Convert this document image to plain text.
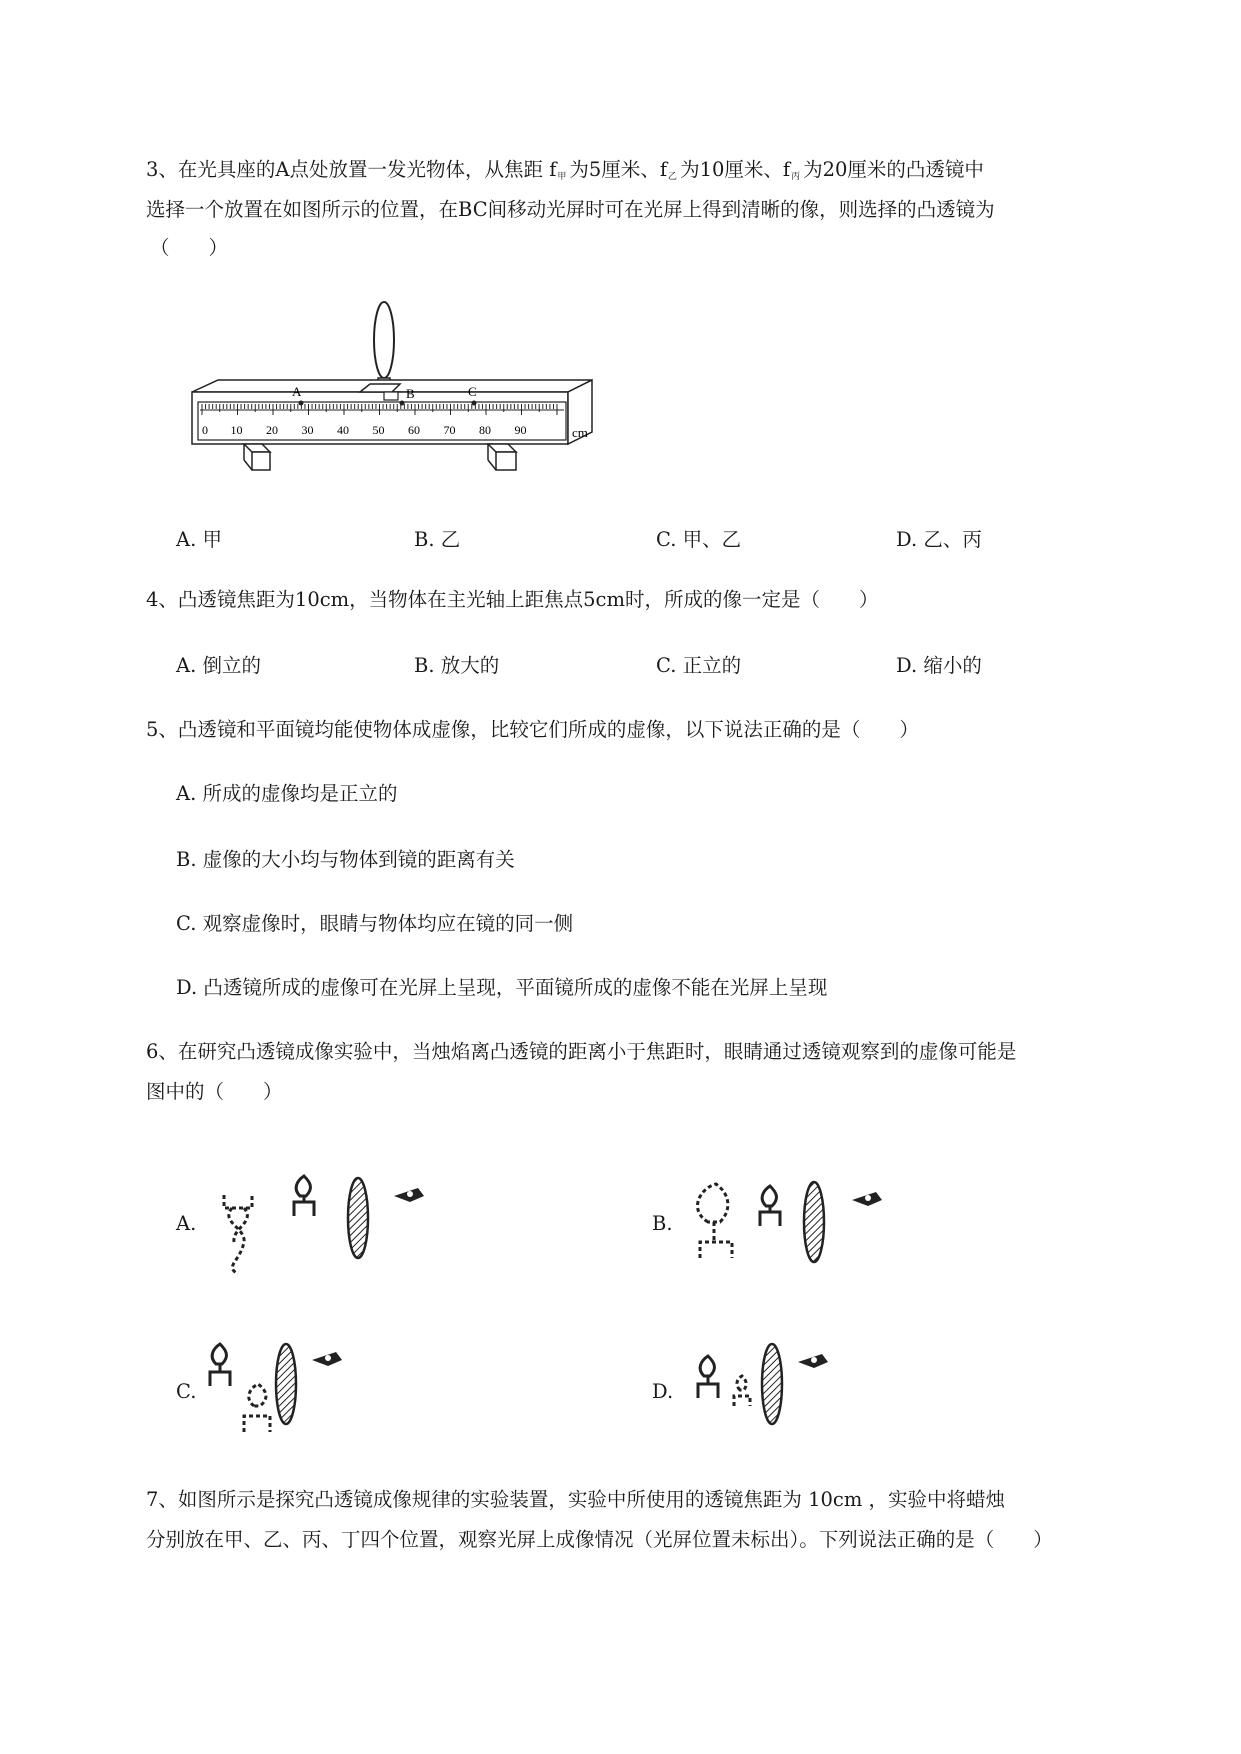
3、在光具座的A点处放置一发光物体，从焦距 $f_甲$ 为5厘米、$f_乙$ 为10厘米、$f_丙$ 为20厘米的凸透镜中
选择一个放置在如图所示的位置，在BC间移动光屏时可在光屏上得到清晰的像，则选择的凸透镜为
（　　）
0 10 20 30 40 50 60 70 80 90	cm
A	B	C
A. 甲	B. 乙	C. 甲、乙	D. 乙、丙
4、凸透镜焦距为10cm，当物体在主光轴上距焦点5cm时，所成的像一定是（　　）
A. 倒立的	B. 放大的	C. 正立的	D. 缩小的
5、凸透镜和平面镜均能使物体成虚像，比较它们所成的虚像，以下说法正确的是（　　）
A. 所成的虚像均是正立的
B. 虚像的大小均与物体到镜的距离有关
C. 观察虚像时，眼睛与物体均应在镜的同一侧
D. 凸透镜所成的虚像可在光屏上呈现，平面镜所成的虚像不能在光屏上呈现
6、在研究凸透镜成像实验中，当烛焰离凸透镜的距离小于焦距时，眼睛通过透镜观察到的虚像可能是
图中的（　　）
A.	B.
C.	D.
7、如图所示是探究凸透镜成像规律的实验装置，实验中所使用的透镜焦距为 10cm ，实验中将蜡烛
分别放在甲、乙、丙、丁四个位置，观察光屏上成像情况（光屏位置未标出）。下列说法正确的是（　　）
